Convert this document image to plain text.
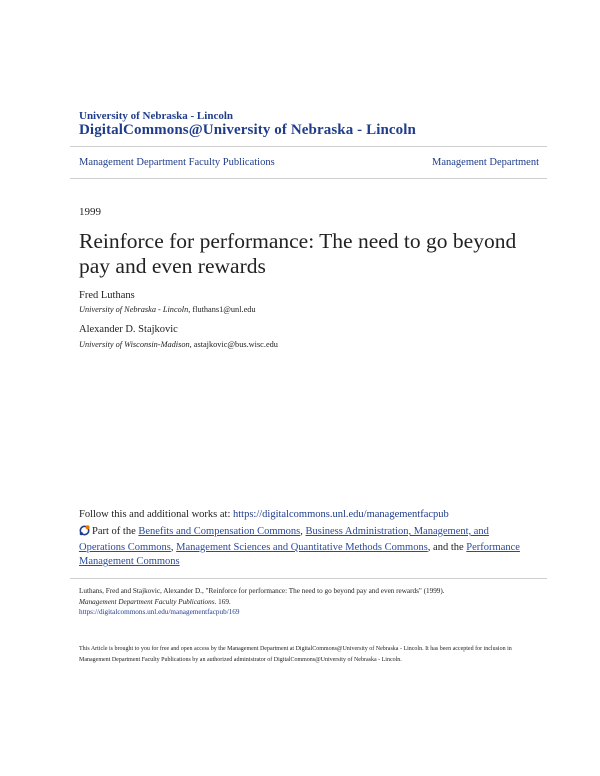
University of Nebraska - Lincoln
DigitalCommons@University of Nebraska - Lincoln
Management Department Faculty Publications	Management Department
1999
Reinforce for performance: The need to go beyond pay and even rewards
Fred Luthans
University of Nebraska - Lincoln, fluthans1@unl.edu
Alexander D. Stajkovic
University of Wisconsin-Madison, astajkovic@bus.wisc.edu
Follow this and additional works at: https://digitalcommons.unl.edu/managementfacpub
Part of the Benefits and Compensation Commons, Business Administration, Management, and Operations Commons, Management Sciences and Quantitative Methods Commons, and the Performance Management Commons
Luthans, Fred and Stajkovic, Alexander D., "Reinforce for performance: The need to go beyond pay and even rewards" (1999).
Management Department Faculty Publications. 169.
https://digitalcommons.unl.edu/managementfacpub/169
This Article is brought to you for free and open access by the Management Department at DigitalCommons@University of Nebraska - Lincoln. It has been accepted for inclusion in Management Department Faculty Publications by an authorized administrator of DigitalCommons@University of Nebraska - Lincoln.
